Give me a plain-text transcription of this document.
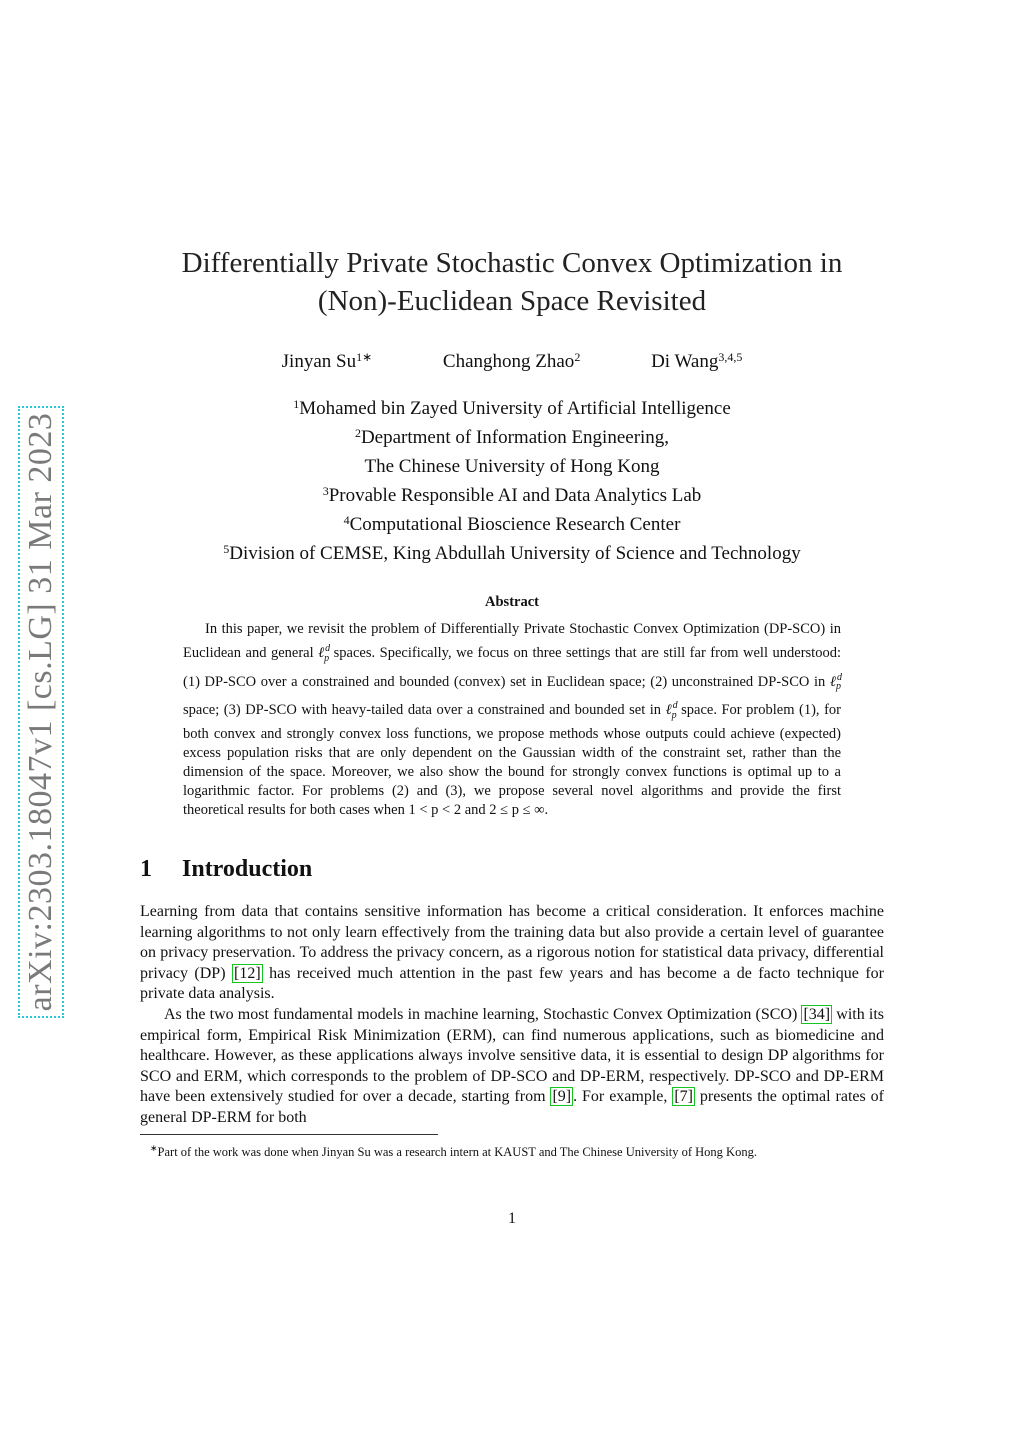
arXiv:2303.18047v1 [cs.LG] 31 Mar 2023
Differentially Private Stochastic Convex Optimization in
(Non)-Euclidean Space Revisited
Jinyan $Su^{1∗}$	Changhong Zhao$^2$	Di Wang$^{3,4,5}$
$^1$Mohamed bin Zayed University of Artificial Intelligence
$^2$Department of Information Engineering,
The Chinese University of Hong Kong
$^3$Provable Responsible AI and Data Analytics Lab
$^4$Computational Bioscience Research Center
$^5$Division of CEMSE, King Abdullah University of Science and Technology
Abstract
In this paper, we revisit the problem of Differentially Private Stochastic Convex Optimization (DP-SCO) in Euclidean and general ℓ$^d_p$ spaces. Specifically, we focus on three settings that are still far from well understood: (1) DP-SCO over a constrained and bounded (convex) set in Euclidean space; (2) unconstrained DP-SCO in ℓ$^d_p$ space; (3) DP-SCO with heavy-tailed data over a constrained and bounded set in ℓ$^d_p$ space. For problem (1), for both convex and strongly convex loss functions, we propose methods whose outputs could achieve (expected) excess population risks that are only dependent on the Gaussian width of the constraint set, rather than the dimension of the space. Moreover, we also show the bound for strongly convex functions is optimal up to a logarithmic factor. For problems (2) and (3), we propose several novel algorithms and provide the first theoretical results for both cases when 1 < p < 2 and 2 ≤ p ≤ ∞.
1 Introduction
Learning from data that contains sensitive information has become a critical consideration. It enforces machine learning algorithms to not only learn effectively from the training data but also provide a certain level of guarantee on privacy preservation. To address the privacy concern, as a rigorous notion for statistical data privacy, differential privacy (DP) [12] has received much attention in the past few years and has become a de facto technique for private data analysis.
As the two most fundamental models in machine learning, Stochastic Convex Optimization (SCO) [34] with its empirical form, Empirical Risk Minimization (ERM), can find numerous applications, such as biomedicine and healthcare. However, as these applications always involve sensitive data, it is essential to design DP algorithms for SCO and ERM, which corresponds to the problem of DP-SCO and DP-ERM, respectively. DP-SCO and DP-ERM have been extensively studied for over a decade, starting from [9] . For example, [7] presents the optimal rates of general DP-ERM for both
∗Part of the work was done when Jinyan Su was a research intern at KAUST and The Chinese University of Hong Kong.
1
